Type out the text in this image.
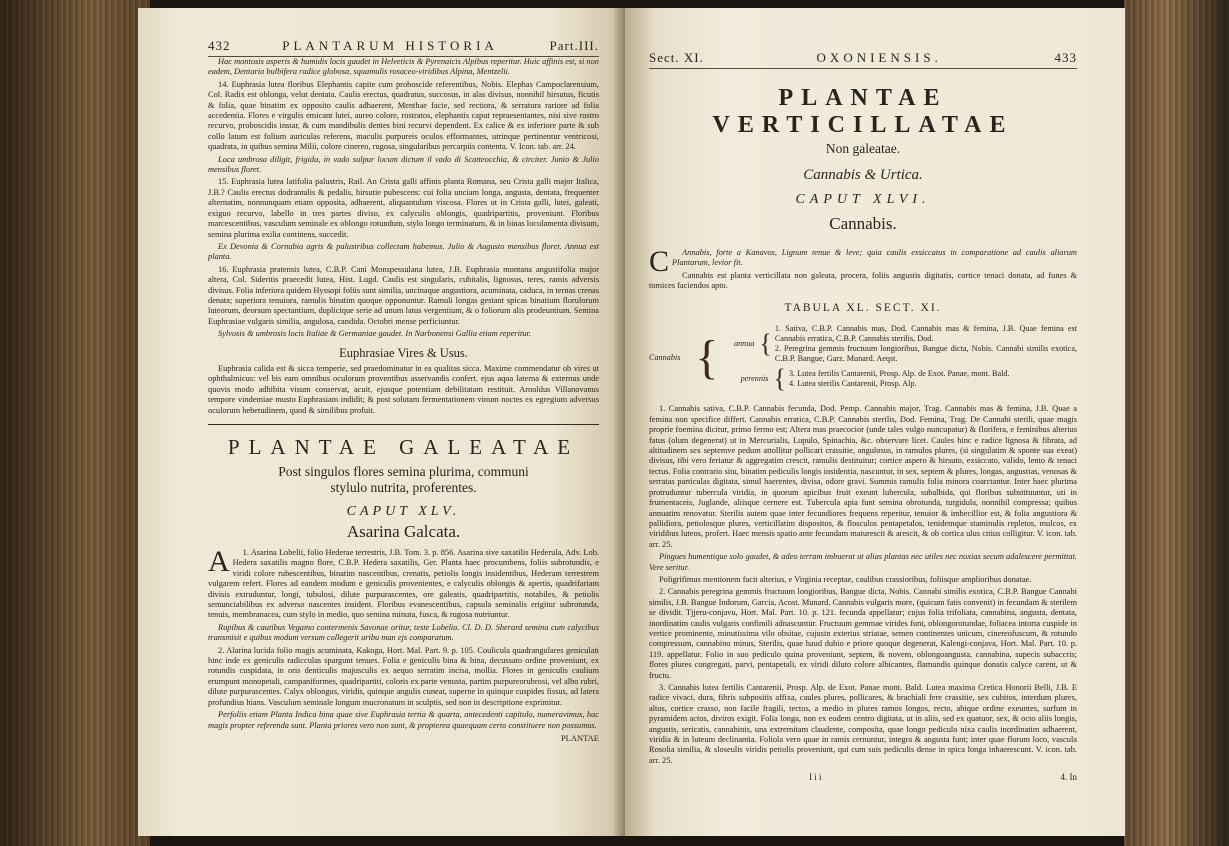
432	PLANTARUM HISTORIA	Part.III.

Hac montosis asperis & humidis locis gaudet in Helveticis & Pyrenaicis Alpibus reperitur. Huic affinis est, si non eadem, Dentaria bulbifera radice globosa, squamulis rosaceo-viridibus Alpina, Mentzelii.

14. Euphrasia lutea floribus Elephantis capite cum proboscide referentibus, Nobis. Elephas Campoclarensium, Col. Radix est oblonga, velut dentata. Caulis erectus, quadratus, succosus, in alas divisus, nonnihil hirsutus, ficutis & folia, quae binatim ex opposito caulis adhaerent, Menthae facie, sed rectiora, & serratura rariore ad folia accedentia. Flores e virgulis emicant lutei, aureo colore, rostratos, elephantis caput repraesentantes, nisi sive rostro recurvo, proboscidis instar, & cum mandibulis dentes bini recurvi dependent. Ex calice & ex inferiore parte & sub collo latum est folium auriculas referens, maculis purpureis oculos efformantes, utrinque pertinentur ventricosi, quadrata, in quibus semina Milii, colore cinereo, rugosa, singularibus percarpiis contenta. V. Icon. tab. arr. 24.

Loca umbrosa diligit, frigida, in vado sulpur locum dictum il vado di Scatteocchia, & circiter. Junio & Julio mensibus floret.

15. Euphrasia lutea latifolia palustris, Rail. An Crista galli affinis planta Romana, seu Crista galli major Italica, J.B.? Caulis erectus dodrantalis & pedalis, hirsutie pubescens: cui folia unciam longa, angusta, dentata, frequenter alternatim, nonnunquam etiam opposita, adhaerent, aliquantulum viscosa. Flores ut in Crista galli, lutei, galeati, exiguo recurvo, labello in tres partes diviso, ex calyculis oblongis, quadripartitis, proveniunt. Floribus marcescentibus, vasculum seminale ex oblongo rotundum, stylo longo terminatum, & in binas loculamenta divisum, semina plurima exilia continens, succedit.

Ex Devonia & Cornubia agris & palustribus collectam habemus. Julio & Augusto mensibus floret. Annua est planta.

16. Euphrasia pratensis lutea, C.B.P. Cani Monspessulana lutea, J.B. Euphrasia montana angustifolia major altera, Col. Sideritis praecedit lutea, Hist. Lugd. Caulis est singularis, cubitalis, lignosus, teres, ramis adversis divisus. Folia inferiora quidem Hyssopi foliis sunt similia, uncinaque angustiora, acuminata, caduca, in ternas crenas denata; superiora tenuiora, ramulis binatim quoque opponuntur. Ramuli longas gestant spicas binatium florulorum luteorum, deorsum spectantium, duplicique serie ad unum latus vergentium, & o foliorum alis prodeuntium. Semina Euphrasiae vulgaris similia, angulosa, candida. Octobri mense perficiuntur.

Sylvosis & umbrosis locis Italiae & Germaniae gaudet. In Narbonensi Gallia etiam reperitur.

Euphrasiae Vires & Usus.

Euphrasia calida est & sicca temperie, sed praedominatur in ea qualitas sicca. Maxime commendatur ob vires ut ophthalmicus: vel bis eam omnibus oculorum proventibus asservandis confert. ejus aqua laterna & externus unde quovis modo adhibita visum conservat, acuit, ejusque potentiam debilitatam restituit. Arnoldus Villanovanus tempore vindemiae musto Euphrasiam indidit; & post solutam fermentationem vinum noctes ex egregium adversus oculorum hebetudinem, quod & similibus profuit.

PLANTAE GALEATAE
Post singulos flores semina plurima, communi
stylulo nutrita, proferentes.
CAPUT XLV.
Asarina Galcata.
A	1. Asarina Lobelii, folio Hederae terrestris, J.B. Tom. 3. p. 856. Asarina sive saxatilis Hederula, Adv. Lob. Hedera saxatilis magno flore, C.B.P. Hedera saxatilis, Ger. Planta haec procumbens, foliis subrotundis, e viridi colore rubescentibus, binatim nascentibus, crenatis, petiolis longis insidentibus, Hederam terrestrem vulgarem refert. Flores ad eandem modum e geniculis provenientes, e calyculis oblongis & apertis, quadrifariam divisis extruduntur, longi, tubulosi, dilute purpurascentes, ore galeatis, quadripartitis, notabiles, & petiolis semunciabilibus ex adverso nascentes insident. Floribus evanescentibus, capsula seminalis erigitur subrotunda, tenuis, membranacea, cum stylo in medio, quo semina minuta, fusca, & rugosa nutriuntur.

Rupibus & cautibus Vegamo contermenis Savonae oritur, teste Lobelio. Cl. D. D. Sherard semina cum calycibus transmisit e quibus modum versum collegerit uribu man ejs comparatum.

2. Alarina lucida folio magis acuminata, Kakoga, Hort. Mal. Part. 9. p. 105. Coulicula quadrangulares geniculati hinc inde ex geniculis radicculas spargunt tenues. Folia e geniculis bina & bina, decussato ordine proveniunt, ex rotundis cuspidata, in oris denticulis majusculis ex aequo serratim incisa, mollia. Flores in geniculis caulium erumpunt monopetali, campaniformes, quadripartiti, coloris ex parte venusta, partim purpureorubrosi, vel albo rubri, dilute purpurascentes. Calyx oblongus, viridis, quinque angulis cuneat, superne in quinque cuspides fissus, ad latera profundius hians. Vasculum seminale longum mucronatum in sculptis, sed non in descriptione exprimitur.

Perfoliis etiam Planta Indica bina quae sive Euphrasia tertia & quarta, antecedenti capitulo, numeravimus, hac magis propter referenda sunt. Planta priores vero non sunt, & propterea quaequam certo constituere non possumus.

PLANTAE
Sect. XI.	OXONIENSIS.	433
PLANTAE VERTICILLATAE
Non galeatae.
Cannabis & Urtica.
CAPUT XLVI.
Cannabis.
C	Annabis, forte a Kanavos, Lignum tenue & leve; quia caulis exsiccatus in comparatione ad caulis aliarum Plantarum, levior fit.

Cannabis est planta verticillata non galeata, procera, foliis angustis digitatis, cortice tenaci donata, ad funes & tomices faciendos apto.

TABULA XL. SECT. XI.
Cannabis {	annua {

1. Sativa, C.B.P. Cannabis mas, Dod. Cannabis mas & femina, J.B. Quae femina est Cannabis erratica, C.B.P. Cannabis sterilis, Dod.

2. Peregrina gemmis fructuum longioribus, Bangue dicta, Nobis. Cannabi similis exotica, C.B.P. Bangue, Garz. Munard. Aeqst.

perennis { 3. Lutea fertilis Cantarenii, Prosp. Alp. de Exot. Panae, mont. Bald.

4. Lutea sterilis Cantarenii, Prosp. Alp.

1. Cannabis sativa, C.B.P. Cannabis fecunda, Dod. Pemp. Cannabis major, Trag. Cannabis mas & femina, J.B. Quae a femina non specifice differt. Cannabis erratica, C.B.P. Cannabis sterilis, Dod. Femina, Trag. De Cannabi sterili, quae magis proprie foemina dicitur, primo fermo est; Altera mas praecocior (unde tales vulgo nuncupatur) & florifera, e feminibus alterius fatus (olum degenerat) ut in Mercurialis, Lupulo, Spinachia, &c. observare licet. Caules hinc e radice lignosa & fibrata, ad altitudinem sex septemve pedum attollitur pollicari crassitie, angulosus, in ramulos plures, (si singulatim & sponte sua exeat) divisus, tibi vero feriatur & aggregatim crescit, ramulis destituitur; cortice aspero & hirsuto, exsiccato, valido, lento & tenaci tectus. Folia contrario situ, binatim pediculis longis insidentia, nascuntur, in sex, septem & plures, longas, angustias, venosas & serratas particulas digitata, simul haerentes, divisa, odore gravi. Summis ramulis folia minora coarctantur. Inter haec plurima protruduntur tubercula viridia, in quorum apicibus fruit exeunt lubercula, subalbida, qui floribus substituuntur, uti in frumentaceis, Juglande, aliisque cernere est. Tubercula apia funt semina obrotunda, turgidula, nonnihil compressa; quibus annuatim renovatur. Sterilis autem quae inter fecundiores frequens reperitur, tenuior & imbecillior est, & folia angustiora & pallidiora, petiolosque plures, verticillatim dispositos, & flosculos pentapetalos, tenidemque staminulis repletos, mulcos, ex viridibus luteos, profert. Haec mensis spatio ante fecundam maturescit & arescit, & ob cortica ulus citius colligitur. V. icon. tab. arr. 25.

Pingues humentique solo gaudet, & adeo terram imbuerat ut alias plantas nec utiles nec noxias secum adalescere permittat. Vere seritur.

Poligrifimus mentionem facit alterius, e Virginia receptae, caulibus crassioribus, foliisque amplioribus donatae.

2. Cannabis peregrina gemmis fructuum longioribus, Bangue dicta, Nobis. Cannabi similis exotica, C.B.P. Bangue Cannabi similis, J.B. Bangue Indorum, Garcia, Acost. Munard. Cannabis vulgaris more, (quicum fatis convenit) in fecundam & sterilem se dividit. Tjjeru-conjavu, Hort. Mal. Part. 10. p. 121. fecunda appellatur; cujus folia trifoliata, cannabina, angusta, dentata, inordinatim caulis vulgaris confimili adnascuntur. Fructuum gemmae virides funt, oblongorotundae, foliacea intorta cuspide in vertice prominente, minutissima vilo obsitae, cujusin exterius striatae, semen continentes unicum, cinereofuscum, & rotundo compressum, cannabino minus, Sterilis, quae haud dubio e priore quoque degenerat, Kalengi-conjava, Hort. Mal. Part. 10. p. 119. appellatur. Folio in suo pediculo quina proveniunt, septem, & novem, oblongoangusta, cannabina, supecis subaccris; flores plures congregati, parvi, pentapetali, ex viridi diluto colore albicantes, flamundis quinque donatis calyce carent, ut & fructu.

3. Cannabis lutea fertilis Cantarenii, Prosp. Alp. de Exot. Panae mont. Bald. Lutea maxima Cretica Honorii Belli, J.B. E radice vivaci, dura, fibris subpositis affixa, caules plures, pollicares, & brachiali fere crassitie, sex cubitos, interdum plures, altos, cortice crasso, non facile fragili, tectos, a medio in plures ramos longos, recto, abique ordine exeuntes, surfum in pyramidem actos, diviros exigit. Folia longa, non ex eodem centro digitata, ut in aliis, sed ex quatuor, sex, & octo aliis longis, angustis, sericatis, cannabinis, una extremitam claudente, composita, quae longo pediculo nixa caulis inordinatim adhaerent, viridia & in luteum declinantia. Foliola vero quae in ramis cernuntur, integra & angusta funt; inter quae florum loco, vascula Rosolia similia, & sloseulis viridis petiolis proveniunt, qui cum suis pediculis dense in spica longa inhaerescunt. V. icon. tab. arr. 25.

I i i	4. In
